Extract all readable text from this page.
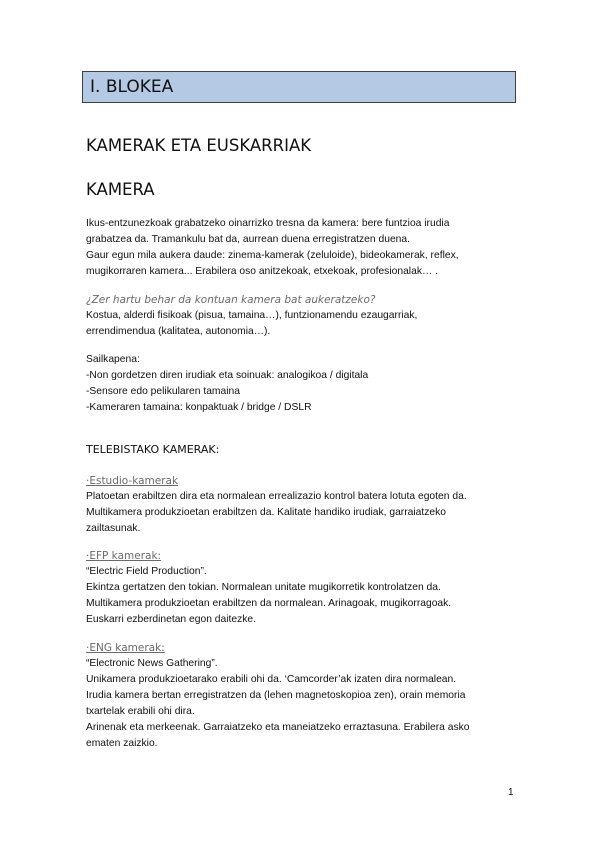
I. BLOKEA
KAMERAK ETA EUSKARRIAK
KAMERA
Ikus-entzunezkoak grabatzeko oinarrizko tresna da kamera: bere funtzioa irudia
grabatzea da. Tramankulu bat da, aurrean duena erregistratzen duena.
Gaur egun mila aukera daude: zinema-kamerak (zeluloide), bideokamerak, reflex,
mugikorraren kamera... Erabilera oso anitzekoak, etxekoak, profesionalak… .
¿Zer hartu behar da kontuan kamera bat aukeratzeko?
Kostua, alderdi fisikoak (pisua, tamaina…), funtzionamendu ezaugarriak,
errendimendua (kalitatea, autonomia…).
Sailkapena:
-Non gordetzen diren irudiak eta soinuak: analogikoa / digitala
-Sensore edo pelikularen tamaina
-Kameraren tamaina: konpaktuak / bridge / DSLR
TELEBISTAKO KAMERAK:
·Estudio-kamerak
Platoetan erabiltzen dira eta normalean errealizazio kontrol batera lotuta egoten da.
Multikamera produkzioetan erabiltzen da. Kalitate handiko irudiak, garraiatzeko
zailtasunak.
·EFP kamerak:
“Electric Field Production”.
Ekintza gertatzen den tokian. Normalean unitate mugikorretik kontrolatzen da.
Multikamera produkzioetan erabiltzen da normalean. Arinagoak, mugikorragoak.
Euskarri ezberdinetan egon daitezke.
·ENG kamerak:
“Electronic News Gathering”.
Unikamera produkzioetarako erabili ohi da. ‘Camcorder’ak izaten dira normalean.
Irudia kamera bertan erregistratzen da (lehen magnetoskopioa zen), orain memoria
txartelak erabili ohi dira.
Arinenak eta merkeenak. Garraiatzeko eta maneiatzeko erraztasuna. Erabilera asko
ematen zaizkio.
1
